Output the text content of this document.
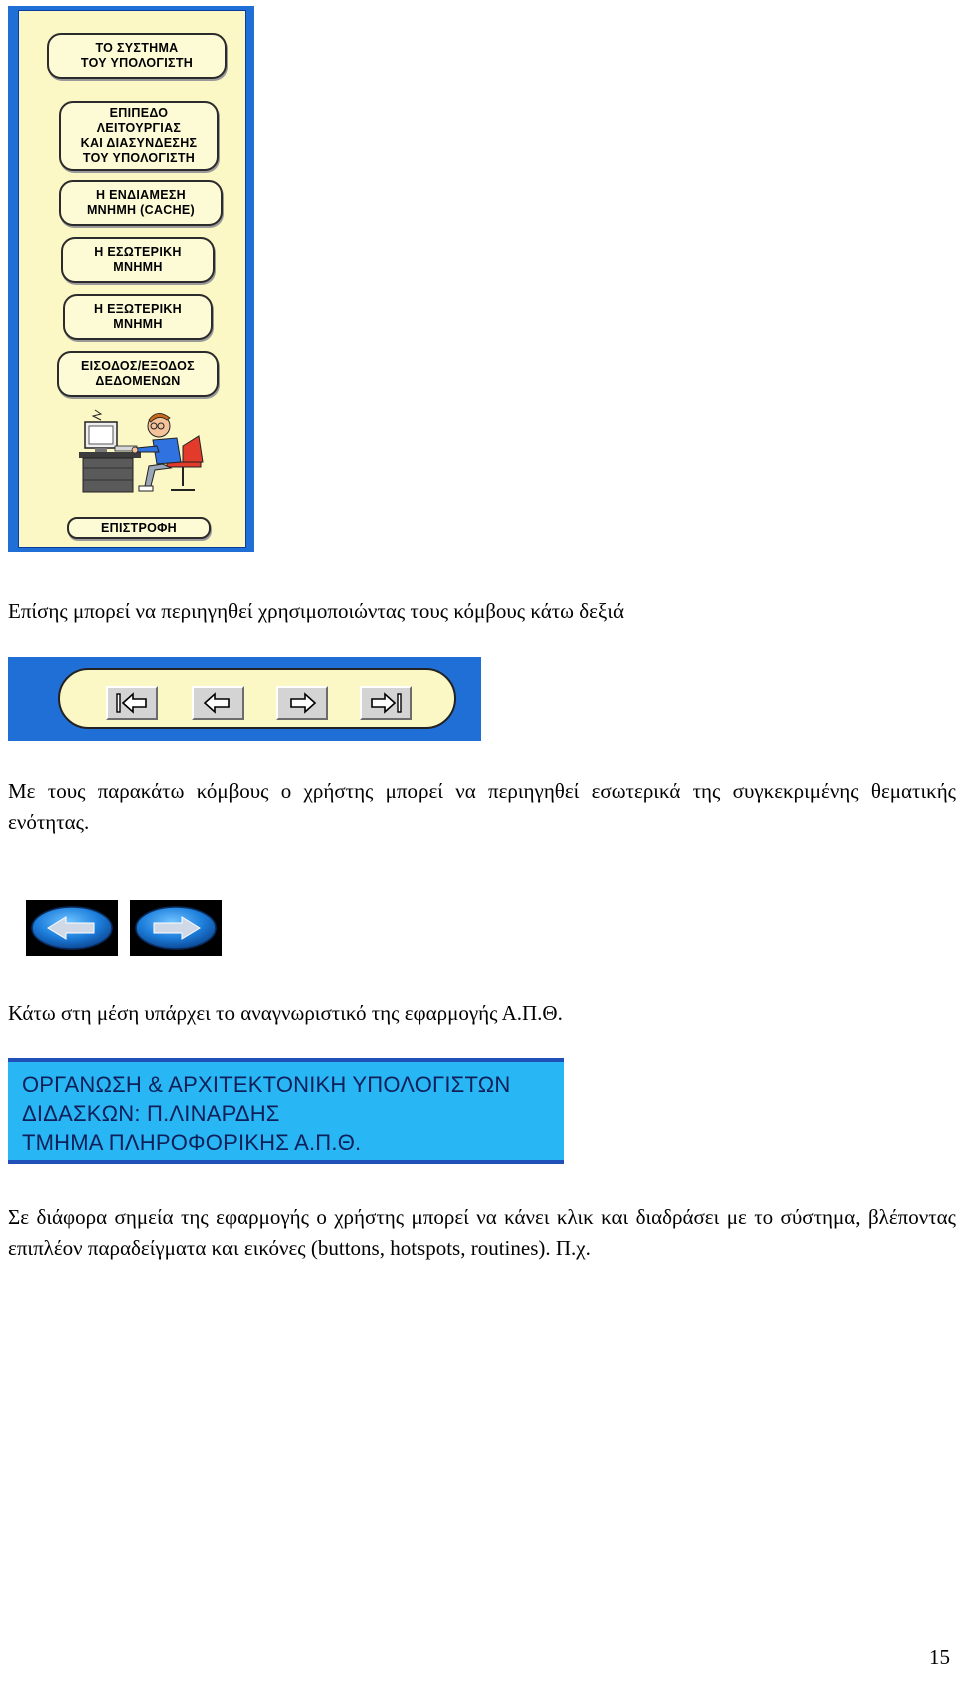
ΤΟ ΣΥΣΤΗΜΑ
ΤΟΥ ΥΠΟΛΟΓΙΣΤΗ
ΕΠΙΠΕΔΟ
ΛΕΙΤΟΥΡΓΙΑΣ
ΚΑΙ ΔΙΑΣΥΝΔΕΣΗΣ
ΤΟΥ ΥΠΟΛΟΓΙΣΤΗ
Η ΕΝΔΙΑΜΕΣΗ
ΜΝΗΜΗ (CACHE)
Η ΕΣΩΤΕΡΙΚΗ
ΜΝΗΜΗ
Η ΕΞΩΤΕΡΙΚΗ
ΜΝΗΜΗ
ΕΙΣΟΔΟΣ/ΕΞΟΔΟΣ
ΔΕΔΟΜΕΝΩΝ
ΕΠΙΣΤΡΟΦΗ

Επίσης μπορεί να περιηγηθεί χρησιμοποιώντας τους κόμβους κάτω δεξιά

Με τους παρακάτω κόμβους ο χρήστης μπορεί να περιηγηθεί εσωτερικά της συγκεκριμένης θεματικής ενότητας.

Κάτω στη μέση υπάρχει το αναγνωριστικό της εφαρμογής Α.Π.Θ.

ΟΡΓΑΝΩΣΗ & ΑΡΧΙΤΕΚΤΟΝΙΚΗ ΥΠΟΛΟΓΙΣΤΩΝ
ΔΙΔΑΣΚΩΝ: Π.ΛΙΝΑΡΔΗΣ
ΤΜΗΜΑ ΠΛΗΡΟΦΟΡΙΚΗΣ Α.Π.Θ.

Σε διάφορα σημεία της εφαρμογής ο χρήστης μπορεί να κάνει κλικ και διαδράσει με το σύστημα, βλέποντας επιπλέον παραδείγματα και εικόνες (buttons, hotspots, routines). Π.χ.

15
